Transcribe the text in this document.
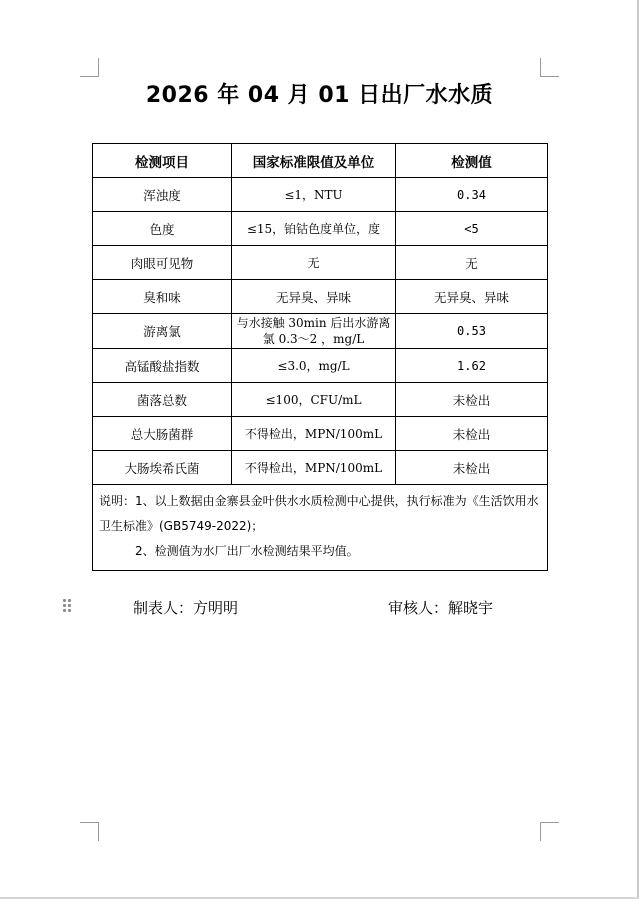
2026 年 04 月 01 日出厂水水质
检测项目	国家标准限值及单位	检测值
浑浊度	≤1，NTU	0.34
色度	≤15，铂钴色度单位，度	<5
肉眼可见物	无	无
臭和味	无异臭、异味	无异臭、异味
游离氯	与水接触 30min 后出水游离氯 0.3～2 ，mg/L	0.53
高锰酸盐指数	≤3.0，mg/L	1.62
菌落总数	≤100，CFU/mL	未检出
总大肠菌群	不得检出，MPN/100mL	未检出
大肠埃希氏菌	不得检出，MPN/100mL	未检出

说明：1、以上数据由金寨县金叶供水水质检测中心提供，执行标准为《生活饮用水卫生标准》(GB5749-2022)；
2、检测值为水厂出厂水检测结果平均值。		
制表人：方明明	审核人：解晓宇
